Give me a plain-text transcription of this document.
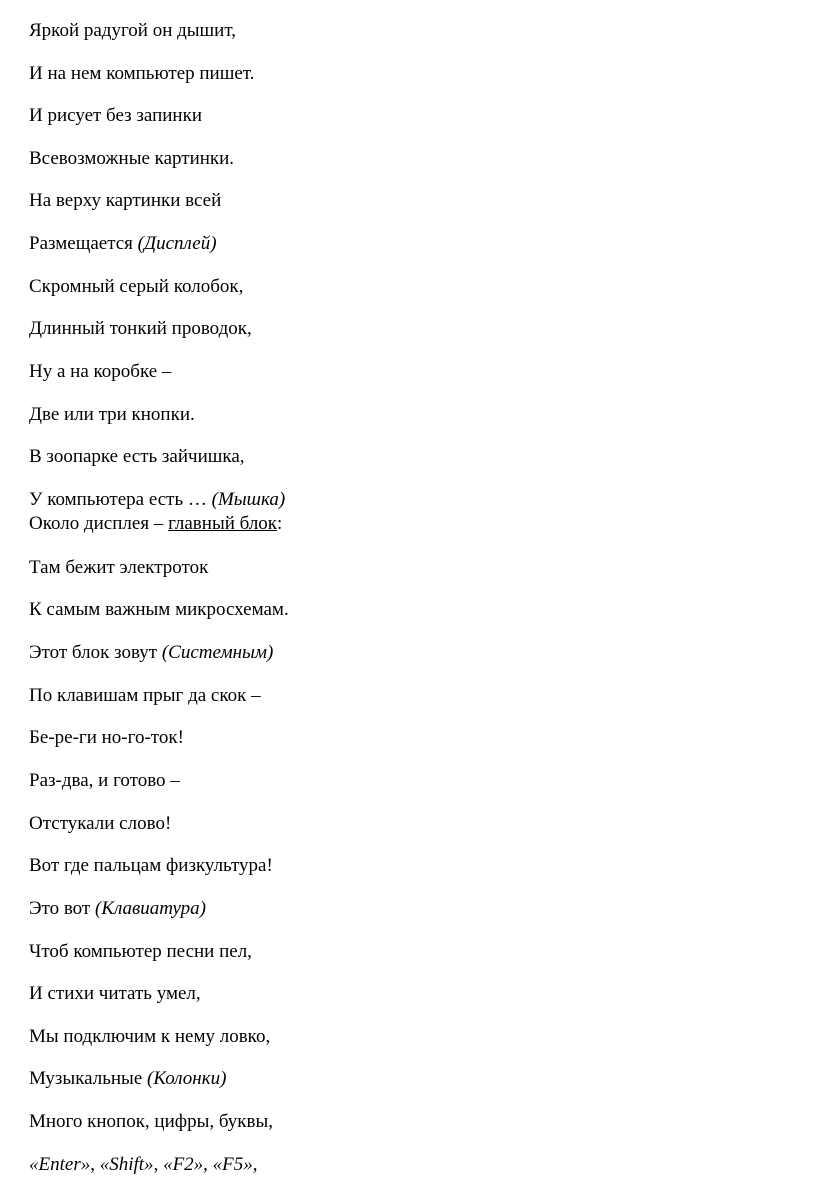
Яркой радугой он дышит,
И на нем компьютер пишет.
И рисует без запинки
Всевозможные картинки.
На верху картинки всей
Размещается (Дисплей)
Скромный серый колобок,
Длинный тонкий проводок,
Ну а на коробке –
Две или три кнопки.
В зоопарке есть зайчишка,
У компьютера есть … (Мышка)
Около дисплея – главный блок:
Там бежит электроток
К самым важным микросхемам.
Этот блок зовут (Системным)
По клавишам прыг да скок –
Бе-ре-ги но-го-ток!
Раз-два, и готово –
Отстукали слово!
Вот где пальцам физкультура!
Это вот (Клавиатура)
Чтоб компьютер песни пел,
И стихи читать умел,
Мы подключим к нему ловко,
Музыкальные (Колонки)
Много кнопок, цифры, буквы,
«Enter», «Shift», «F2», «F5»,
